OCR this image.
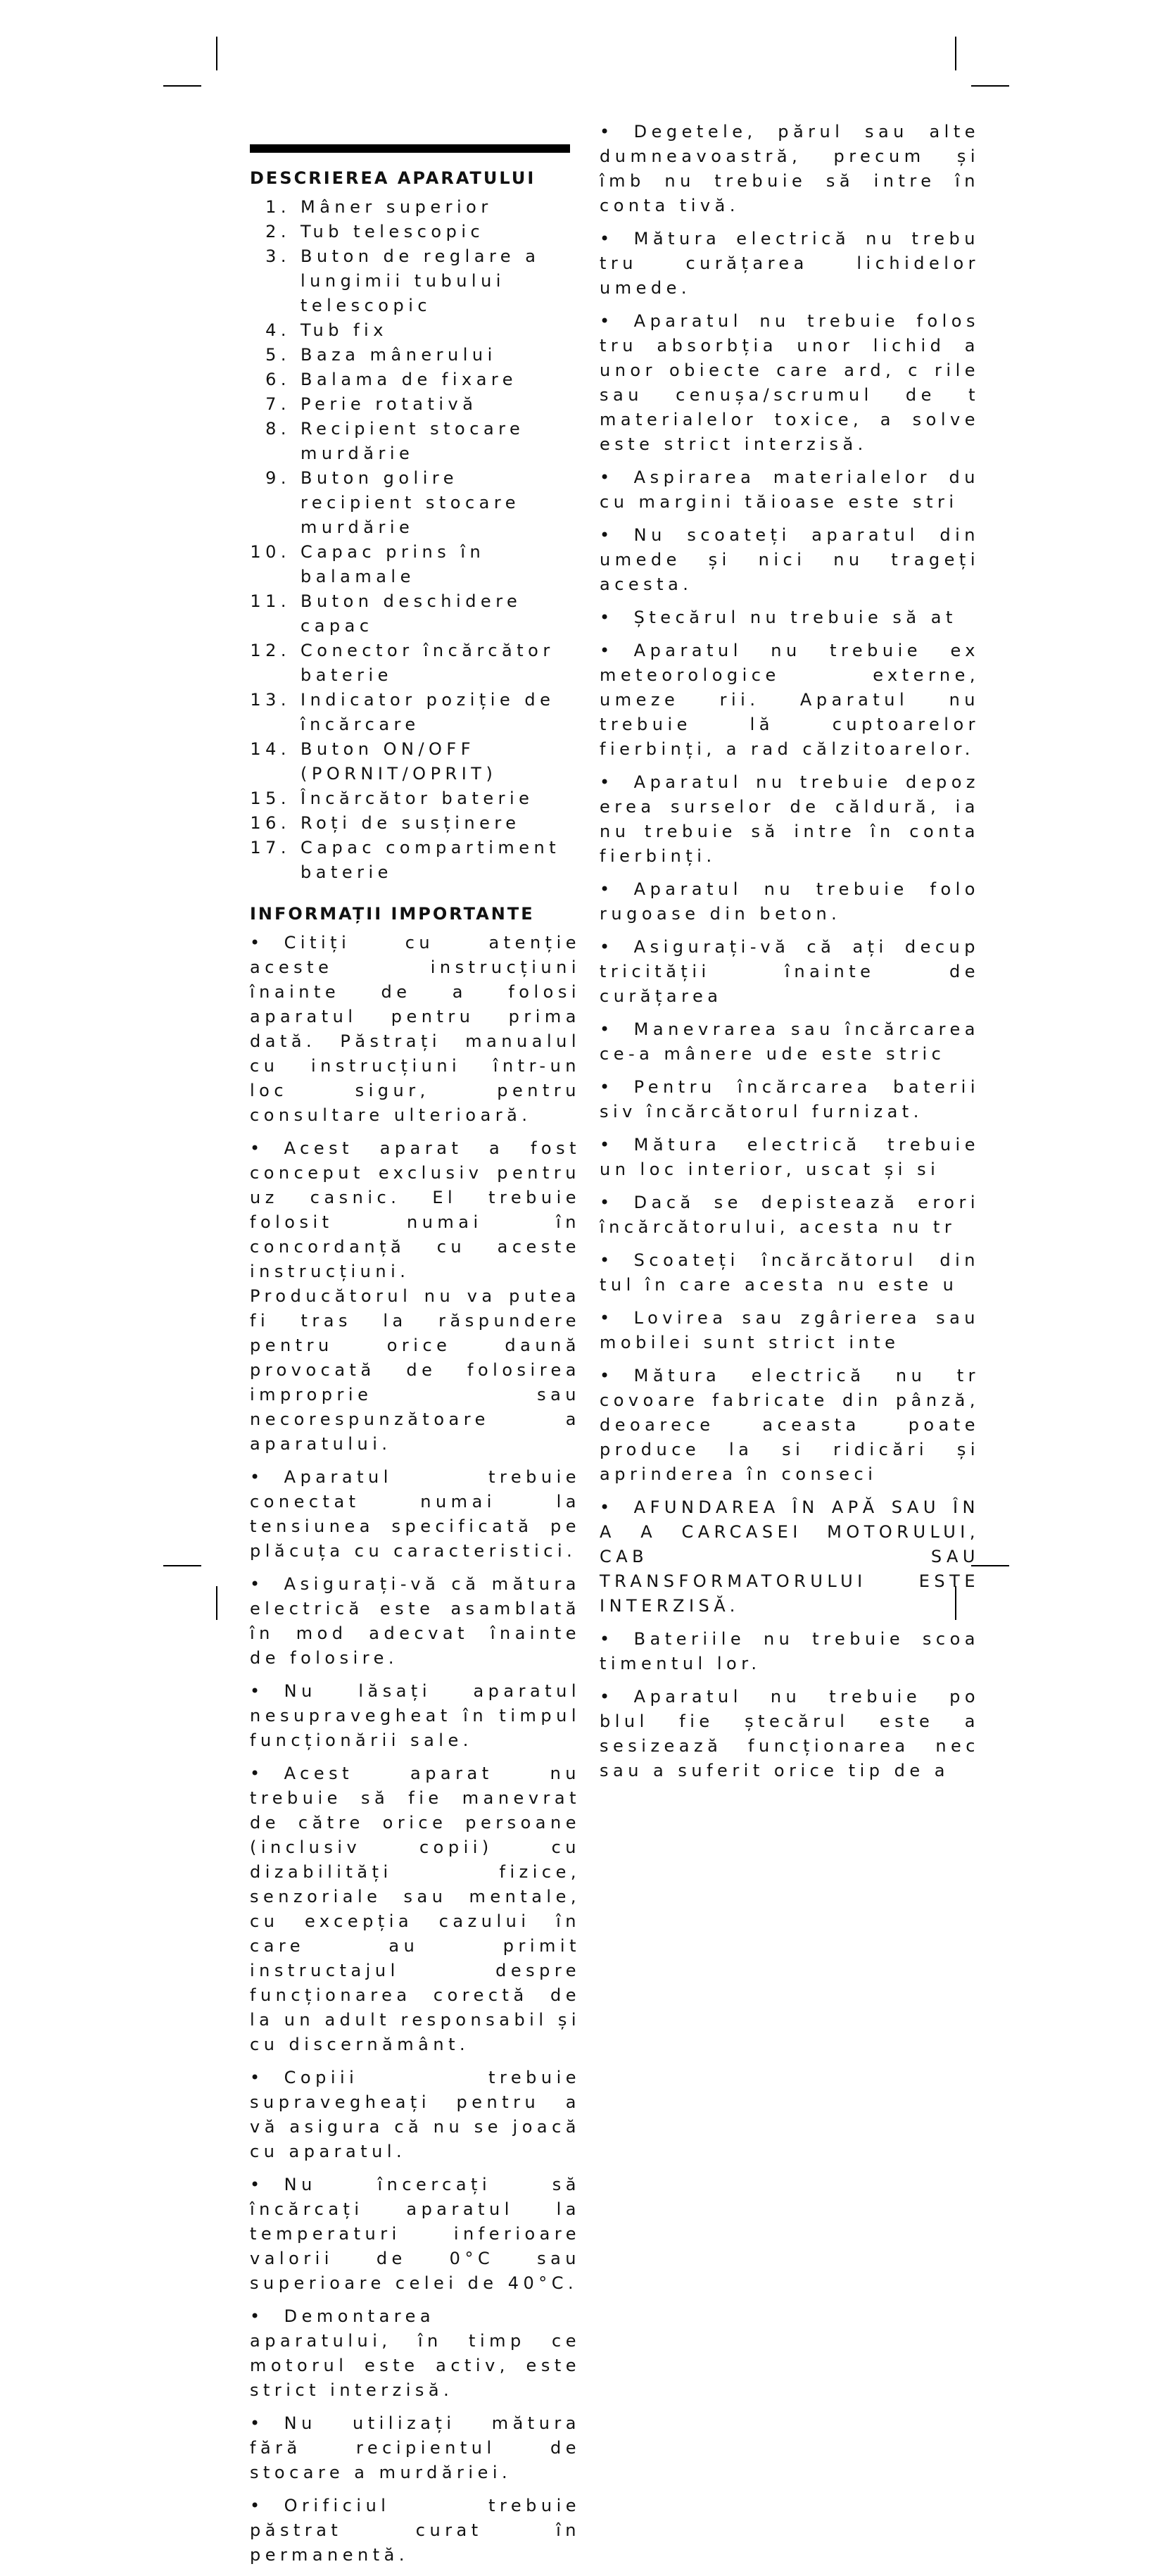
DESCRIEREA APARATULUI
1. Mâner superior
2. Tub telescopic
3. Buton de reglare a lungimii tubului telescopic
4. Tub fix
5. Baza mânerului
6. Balama de fixare
7. Perie rotativă
8. Recipient stocare murdărie
9. Buton golire recipient stocare murdărie
10. Capac prins în balamale
11. Buton deschidere capac
12. Conector încărcător baterie
13. Indicator poziție de încărcare
14. Buton ON/OFF (PORNIT/OPRIT)
15. Încărcător baterie
16. Roți de susținere
17. Capac compartiment baterie
INFORMAȚII IMPORTANTE

• Citiți cu atenție aceste instrucțiuni înainte de a folosi aparatul pentru prima dată. Păstrați manualul cu instrucțiuni într-un loc sigur, pentru consultare ulterioară.

• Acest aparat a fost conceput exclusiv pentru uz casnic. El trebuie folosit numai în concordanță cu aceste instrucțiuni. Producătorul nu va putea fi tras la răspundere pentru orice daună provocată de folosirea improprie sau necorespunzătoare a aparatului.

• Aparatul trebuie conectat numai la tensiunea specificată pe plăcuța cu caracteristici.

• Asigurați-vă că mătura electrică este asamblată în mod adecvat înainte de folosire.

• Nu lăsați aparatul nesupravegheat în timpul funcționării sale.

• Acest aparat nu trebuie să fie manevrat de către orice persoane (inclusiv copii) cu dizabilități fizice, senzoriale sau mentale, cu excepția cazului în care au primit instructajul despre funcționarea corectă de la un adult responsabil și cu discernământ.

• Copiii trebuie supravegheați pentru a vă asigura că nu se joacă cu aparatul.

• Nu încercați să încărcați aparatul la temperaturi inferioare valorii de 0°C sau superioare celei de 40°C.

• Demontarea aparatului, în timp ce motorul este activ, este strict interzisă.

• Nu utilizați mătura fără recipientul de stocare a murdăriei.

• Orificiul trebuie păstrat curat în permanentă.

• Degetele, părul sau alte dumneavoastră, precum și îmb nu trebuie să intre în conta tivă.

• Mătura electrică nu trebu tru curățarea lichidelor umede.

• Aparatul nu trebuie folos tru absorbția unor lichid a unor obiecte care ard, c rile sau cenușa/scrumul de t materialelor toxice, a solve este strict interzisă.

• Aspirarea materialelor du cu margini tăioase este stri

• Nu scoateți aparatul din umede și nici nu trageți acesta.

• Ștecărul nu trebuie să at

• Aparatul nu trebuie ex meteorologice externe, umeze rii. Aparatul nu trebuie lă cuptoarelor fierbinți, a rad călzitoarelor.

• Aparatul nu trebuie depoz erea surselor de căldură, ia nu trebuie să intre în conta fierbinți.

• Aparatul nu trebuie folo rugoase din beton.

• Asigurați-vă că ați decup tricității înainte de curățarea

• Manevrarea sau încărcarea ce-a mânere ude este stric

• Pentru încărcarea baterii siv încărcătorul furnizat.

• Mătura electrică trebuie un loc interior, uscat și si

• Dacă se depistează erori încărcătorului, acesta nu tr

• Scoateți încărcătorul din tul în care acesta nu este u

• Lovirea sau zgârierea sau mobilei sunt strict inte

• Mătura electrică nu tr covoare fabricate din pânză, deoarece aceasta poate produce la si ridicări și aprinderea în conseci

• AFUNDAREA ÎN APĂ SAU ÎN A A CARCASEI MOTORULUI, CAB SAU TRANSFORMATORULUI ESTE INTERZISĂ.

• Bateriile nu trebuie scoa timentul lor.

• Aparatul nu trebuie po blul fie ștecărul este a sesizează funcționarea nec sau a suferit orice tip de a
